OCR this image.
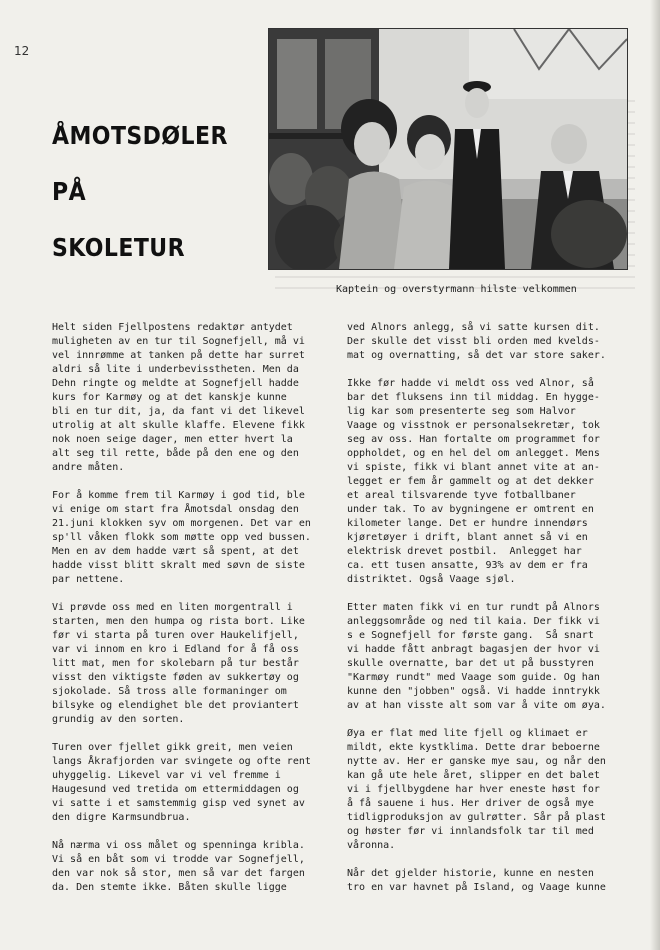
12
ÅMOTSDØLER
PÅ
SKOLETUR
Kaptein og overstyrmann hilste velkommen
Helt siden Fjellpostens redaktør antydet
muligheten av en tur til Sognefjell, må vi
vel innrømme at tanken på dette har surret
aldri så lite i underbevisstheten. Men da
Dehn ringte og meldte at Sognefjell hadde
kurs for Karmøy og at det kanskje kunne
bli en tur dit, ja, da fant vi det likevel
utrolig at alt skulle klaffe. Elevene fikk
nok noen seige dager, men etter hvert la
alt seg til rette, både på den ene og den
andre måten.
For å komme frem til Karmøy i god tid, ble
vi enige om start fra Åmotsdal onsdag den
21.juni klokken syv om morgenen. Det var en
sp'll våken flokk som møtte opp ved bussen.
Men en av dem hadde vært så spent, at det
hadde visst blitt skralt med søvn de siste
par nettene.
Vi prøvde oss med en liten morgentrall i
starten, men den humpa og rista bort. Like
før vi starta på turen over Haukelifjell,
var vi innom en kro i Edland for å få oss
litt mat, men for skolebarn på tur består
visst den viktigste føden av sukkertøy og
sjokolade. Så tross alle formaninger om
bilsyke og elendighet ble det proviantert
grundig av den sorten.
Turen over fjellet gikk greit, men veien
langs Åkrafjorden var svingete og ofte rent
uhyggelig. Likevel var vi vel fremme i
Haugesund ved tretida om ettermiddagen og
vi satte i et samstemmig gisp ved synet av
den digre Karmsundbrua.
Nå nærma vi oss målet og spenninga kribla.
Vi så en båt som vi trodde var Sognefjell,
den var nok så stor, men så var det fargen
da. Den stemte ikke. Båten skulle ligge
ved Alnors anlegg, så vi satte kursen dit.
Der skulle det visst bli orden med kvelds-
mat og overnatting, så det var store saker.
Ikke før hadde vi meldt oss ved Alnor, så
bar det fluksens inn til middag. En hygge-
lig kar som presenterte seg som Halvor
Vaage og visstnok er personalsekretær, tok
seg av oss. Han fortalte om programmet for
oppholdet, og en hel del om anlegget. Mens
vi spiste, fikk vi blant annet vite at an-
legget er fem år gammelt og at det dekker
et areal tilsvarende tyve fotballbaner
under tak. To av bygningene er omtrent en
kilometer lange. Det er hundre innendørs
kjøretøyer i drift, blant annet så vi en
elektrisk drevet postbil.  Anlegget har
ca. ett tusen ansatte, 93% av dem er fra
distriktet. Også Vaage sjøl.
Etter maten fikk vi en tur rundt på Alnors
anleggsområde og ned til kaia. Der fikk vi
s e Sognefjell for første gang.  Så snart
vi hadde fått anbragt bagasjen der hvor vi
skulle overnatte, bar det ut på busstyren
"Karmøy rundt" med Vaage som guide. Og han
kunne den "jobben" også. Vi hadde inntrykk
av at han visste alt som var å vite om øya.
Øya er flat med lite fjell og klimaet er
mildt, ekte kystklima. Dette drar beboerne
nytte av. Her er ganske mye sau, og når den
kan gå ute hele året, slipper en det balet
vi i fjellbygdene har hver eneste høst for
å få sauene i hus. Her driver de også mye
tidligproduksjon av gulrøtter. Sår på plast
og høster før vi innlandsfolk tar til med
våronna.
Når det gjelder historie, kunne en nesten
tro en var havnet på Island, og Vaage kunne
